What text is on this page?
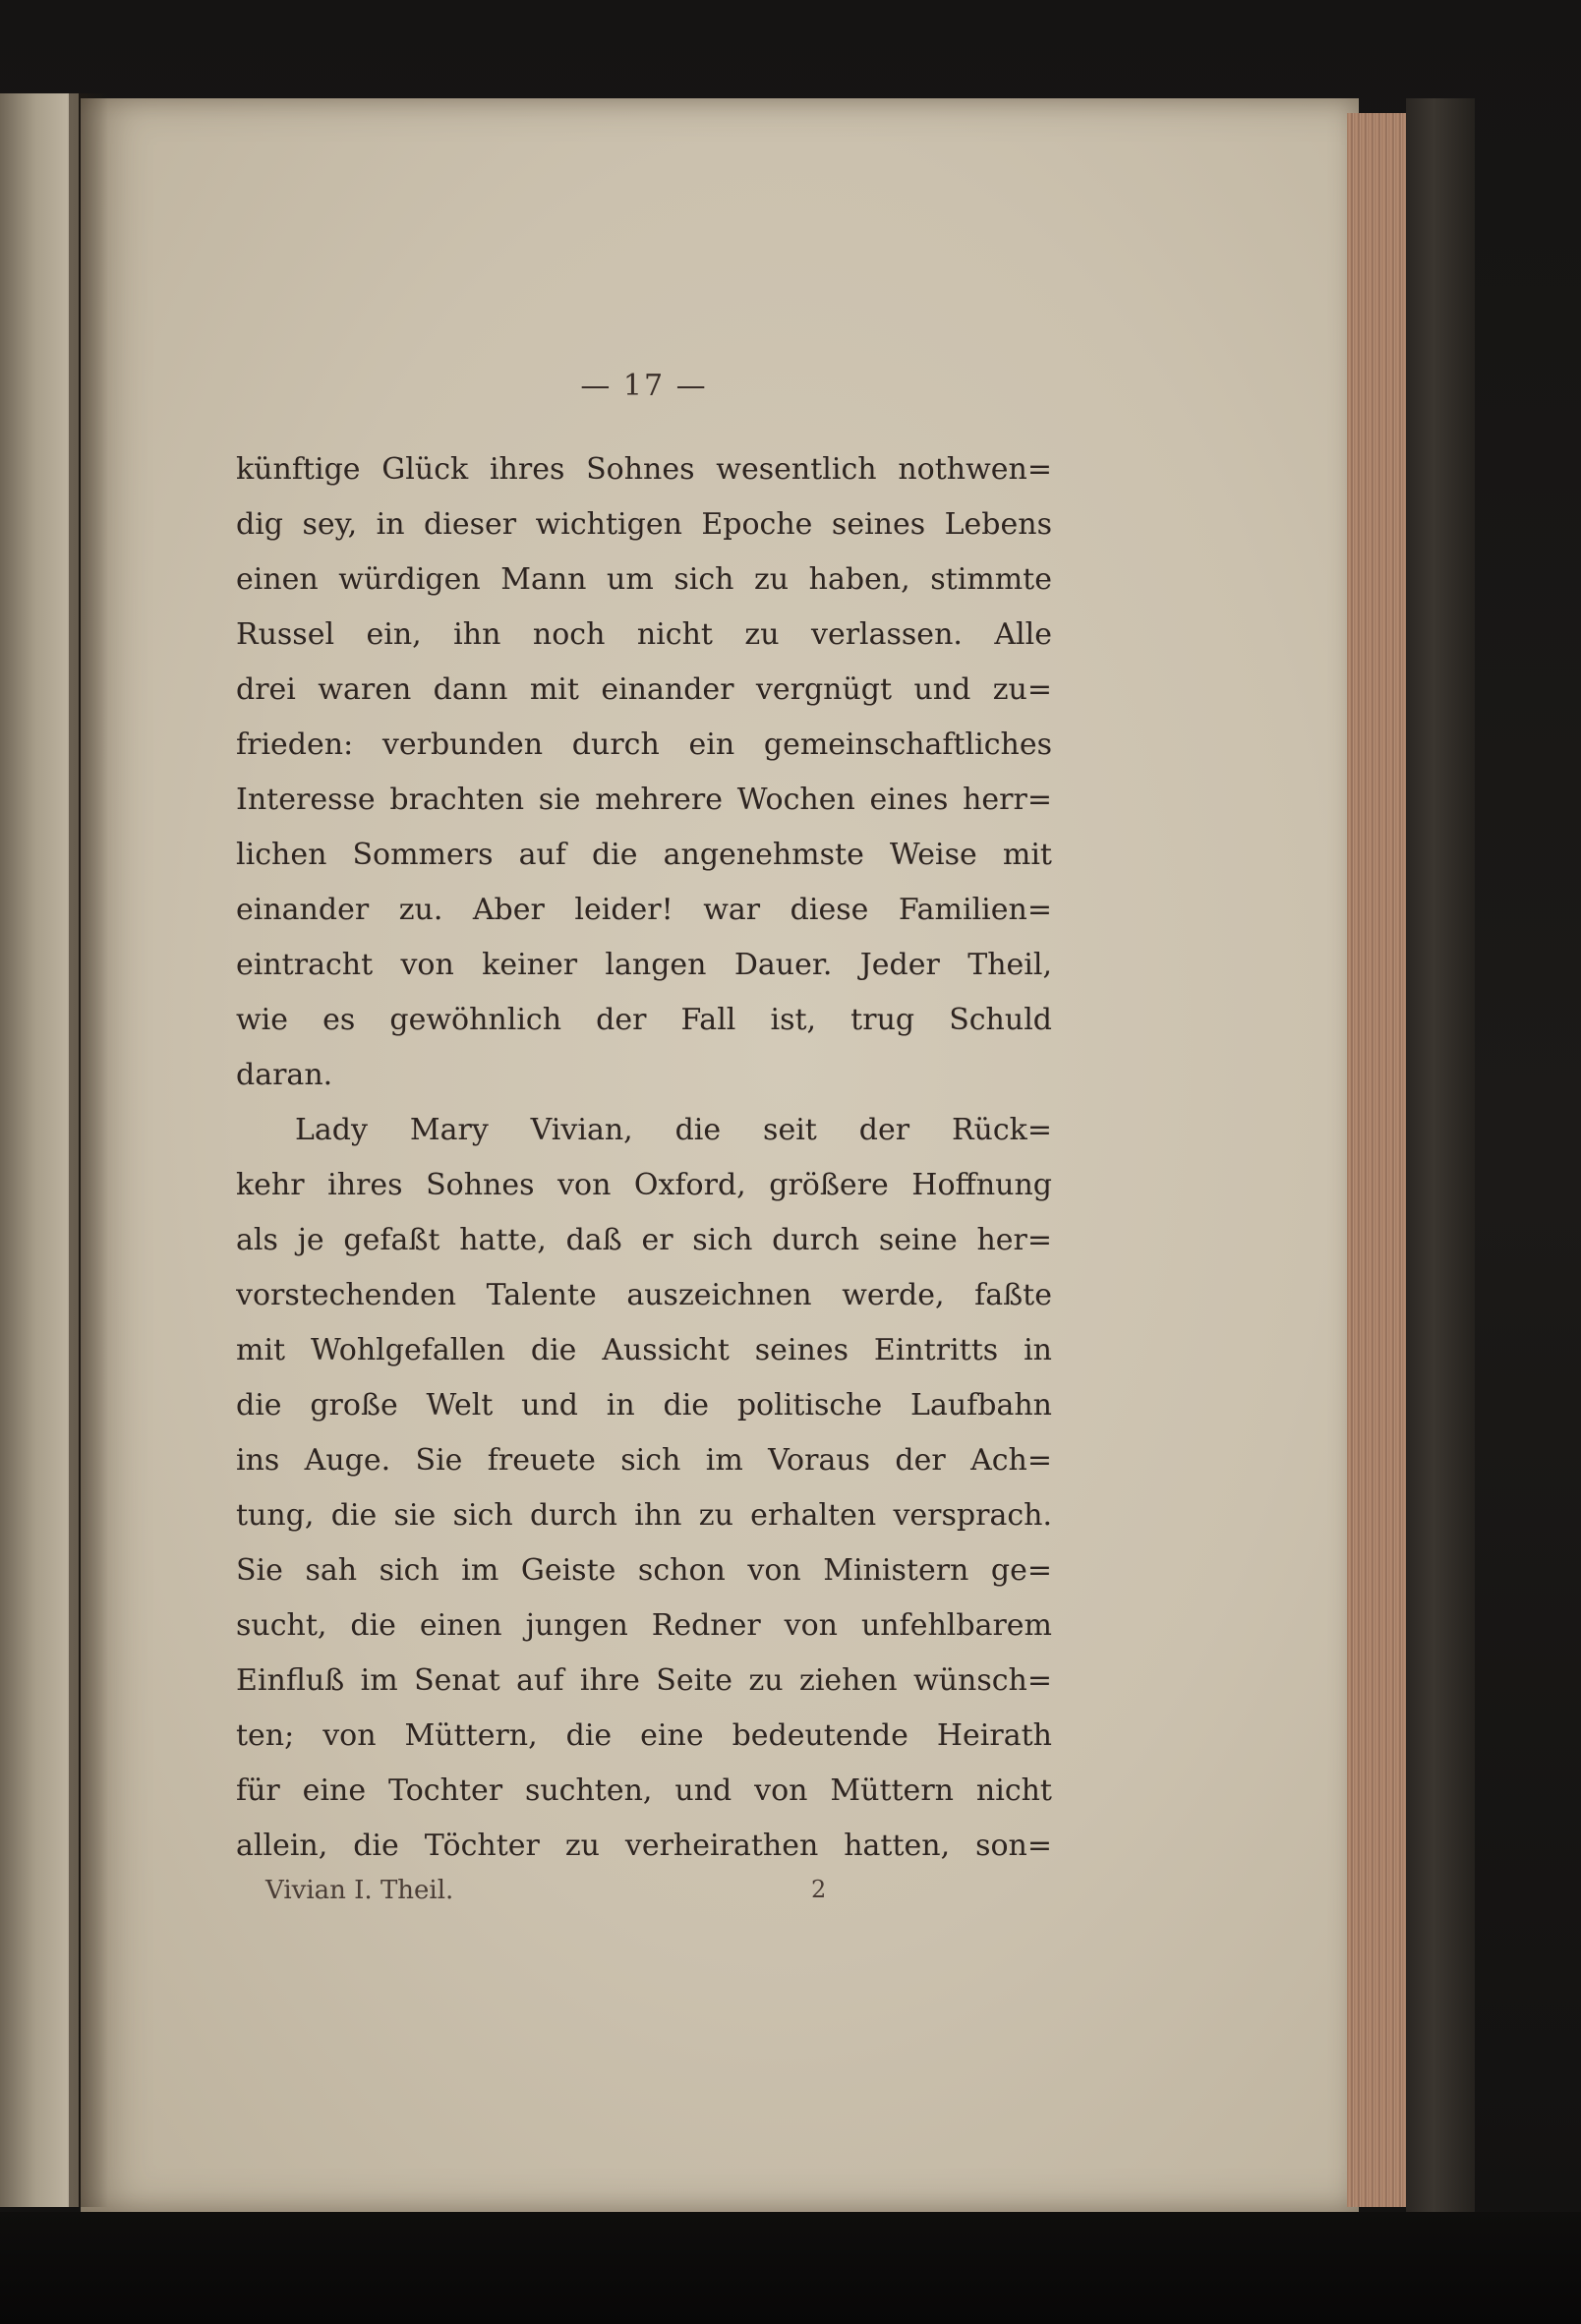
— 17 —
künftige Glück ihres Sohnes wesentlich nothwen=
dig sey, in dieser wichtigen Epoche seines Lebens
einen würdigen Mann um sich zu haben, stimmte
Russel ein, ihn noch nicht zu verlassen. Alle
drei waren dann mit einander vergnügt und zu=
frieden: verbunden durch ein gemeinschaftliches
Interesse brachten sie mehrere Wochen eines herr=
lichen Sommers auf die angenehmste Weise mit
einander zu. Aber leider! war diese Familien=
eintracht von keiner langen Dauer. Jeder Theil,
wie es gewöhnlich der Fall ist, trug Schuld
daran.
Lady Mary Vivian, die seit der Rück=
kehr ihres Sohnes von Oxford, größere Hoffnung
als je gefaßt hatte, daß er sich durch seine her=
vorstechenden Talente auszeichnen werde, faßte
mit Wohlgefallen die Aussicht seines Eintritts in
die große Welt und in die politische Laufbahn
ins Auge. Sie freuete sich im Voraus der Ach=
tung, die sie sich durch ihn zu erhalten versprach.
Sie sah sich im Geiste schon von Ministern ge=
sucht, die einen jungen Redner von unfehlbarem
Einfluß im Senat auf ihre Seite zu ziehen wünsch=
ten; von Müttern, die eine bedeutende Heirath
für eine Tochter suchten, und von Müttern nicht
allein, die Töchter zu verheirathen hatten, son=
Vivian I. Theil.	2
